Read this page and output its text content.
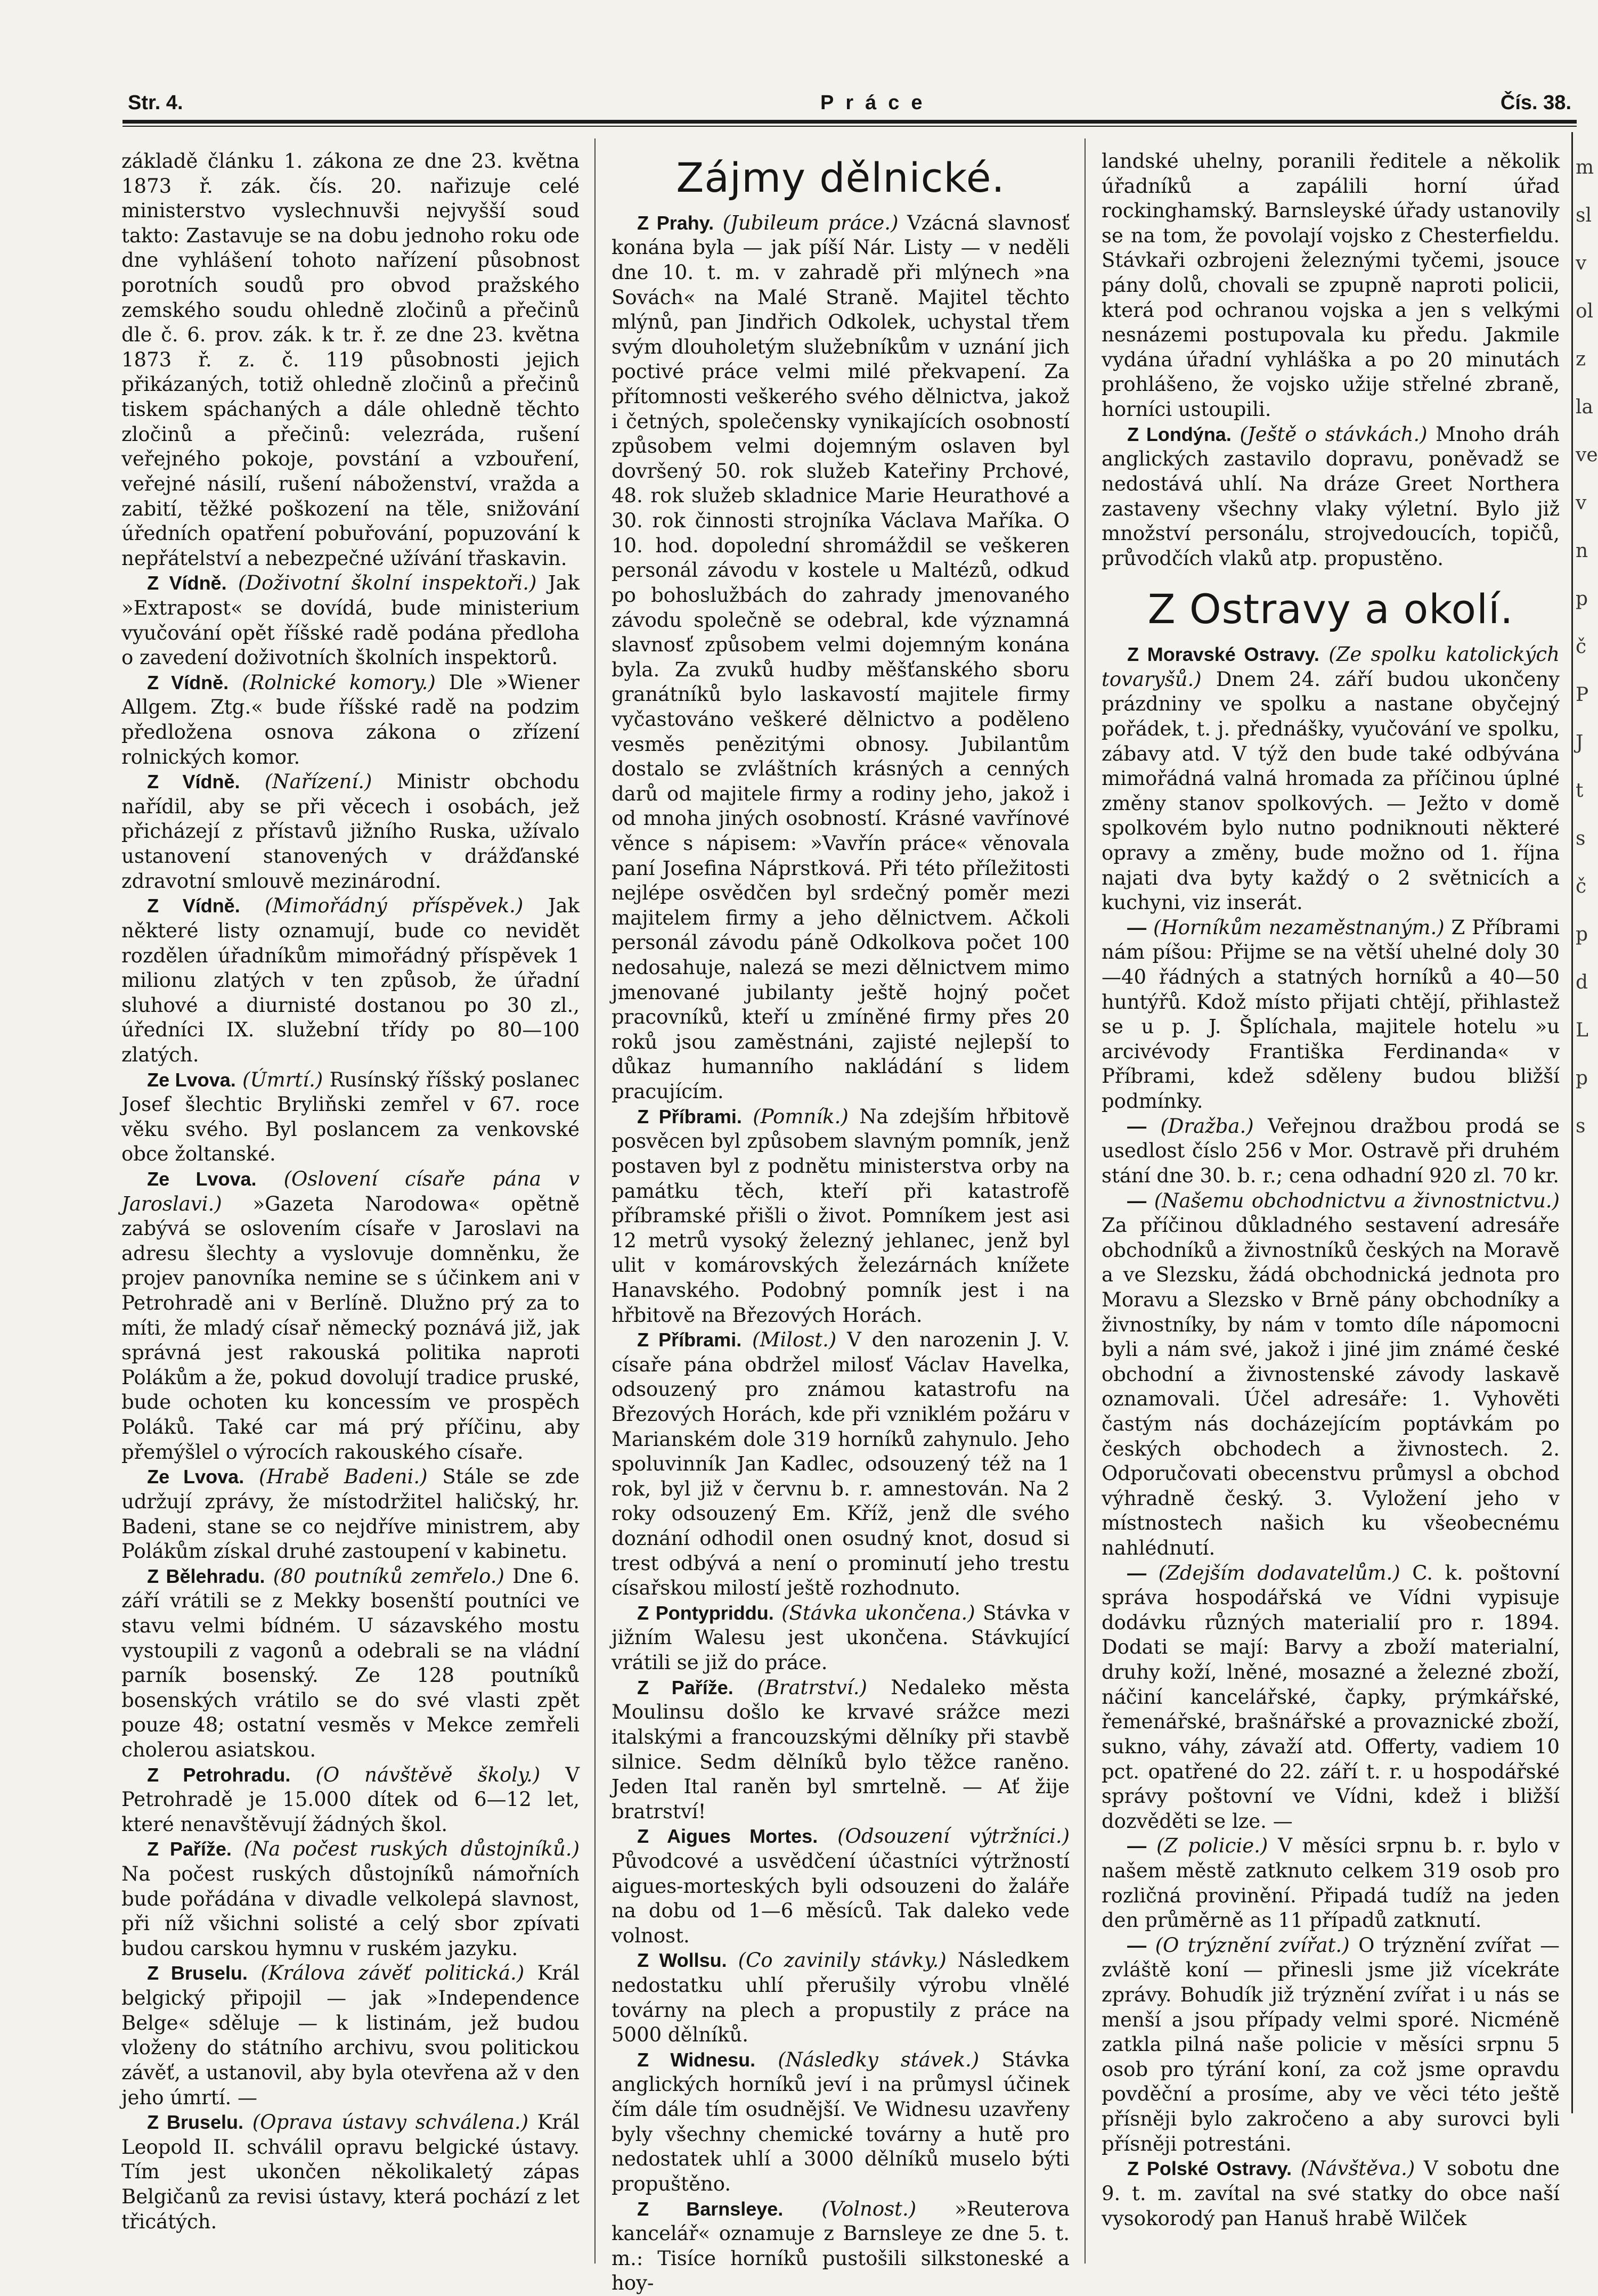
Str. 4.	Práce	Čís. 38.

základě článku 1. zákona ze dne 23. května 1873 ř. zák. čís. 20. nařizuje celé ministerstvo vyslechnuvši nejvyšší soud takto: Zastavuje se na dobu jednoho roku ode dne vyhlášení tohoto nařízení působnost porotních soudů pro obvod pražského zemského soudu ohledně zločinů a přečinů dle č. 6. prov. zák. k tr. ř. ze dne 23. května 1873 ř. z. č. 119 působnosti jejich přikázaných, totiž ohledně zločinů a přečinů tiskem spáchaných a dále ohledně těchto zločinů a přečinů: velezráda, rušení veřejného pokoje, povstání a vzbouření, veřejné násilí, rušení náboženství, vražda a zabití, těžké poškození na těle, snižování úředních opatření pobuřování, popuzování k nepřátelství a nebezpečné užívání třaskavin.

Z Vídně. (Doživotní školní inspektoři.) Jak »Extrapost« se dovídá, bude ministerium vyučování opět říšské radě podána předloha o zavedení doživotních školních inspektorů.

Z Vídně. (Rolnické komory.) Dle »Wiener Allgem. Ztg.« bude říšské radě na podzim předložena osnova zákona o zřízení rolnických komor.

Z Vídně. (Nařízení.) Ministr obchodu nařídil, aby se při věcech i osobách, jež přicházejí z přístavů jižního Ruska, užívalo ustanovení stanovených v drážďanské zdravotní smlouvě mezinárodní.

Z Vídně. (Mimořádný příspěvek.) Jak některé listy oznamují, bude co nevidět rozdělen úřadníkům mimořádný příspěvek 1 milionu zlatých v ten způsob, že úřadní sluhové a diurnisté dostanou po 30 zl., úředníci IX. služební třídy po 80—100 zlatých.

Ze Lvova. (Úmrtí.) Rusínský říšský poslanec Josef šlechtic Bryliňski zemřel v 67. roce věku svého. Byl poslancem za venkovské obce žoltanské.

Ze Lvova. (Oslovení císaře pána v Jaroslavi.) »Gazeta Narodowa« opětně zabývá se oslovením císaře v Jaroslavi na adresu šlechty a vyslovuje domněnku, že projev panovníka nemine se s účinkem ani v Petrohradě ani v Berlíně. Dlužno prý za to míti, že mladý císař německý poznává již, jak správná jest rakouská politika naproti Polákům a že, pokud dovolují tradice pruské, bude ochoten ku koncessím ve prospěch Poláků. Také car má prý příčinu, aby přemýšlel o výrocích rakouského císaře.

Ze Lvova. (Hrabě Badeni.) Stále se zde udržují zprávy, že místodržitel haličský, hr. Badeni, stane se co nejdříve ministrem, aby Polákům získal druhé zastoupení v kabinetu.

Z Bělehradu. (80 poutníků zemřelo.) Dne 6. září vrátili se z Mekky bosenští poutníci ve stavu velmi bídném. U sázavského mostu vystoupili z vagonů a odebrali se na vládní parník bosenský. Ze 128 poutníků bosenských vrátilo se do své vlasti zpět pouze 48; ostatní vesměs v Mekce zemřeli cholerou asiatskou.

Z Petrohradu. (O návštěvě školy.) V Petrohradě je 15.000 dítek od 6—12 let, které nenavštěvují žádných škol.

Z Paříže. (Na počest ruských důstojníků.) Na počest ruských důstojníků námořních bude pořádána v divadle velkolepá slavnost, při níž všichni solisté a celý sbor zpívati budou carskou hymnu v ruském jazyku.

Z Bruselu. (Králova závěť politická.) Král belgický připojil — jak »Independence Belge« sděluje — k listinám, jež budou vloženy do státního archivu, svou politickou závěť, a ustanovil, aby byla otevřena až v den jeho úmrtí. —

Z Bruselu. (Oprava ústavy schválena.) Král Leopold II. schválil opravu belgické ústavy. Tím jest ukončen několikaletý zápas Belgičanů za revisi ústavy, která pochází z let třicátých.

Zájmy dělnické.

Z Prahy. (Jubileum práce.) Vzácná slavnosť konána byla — jak píší Nár. Listy — v neděli dne 10. t. m. v zahradě při mlýnech »na Sovách« na Malé Straně. Majitel těchto mlýnů, pan Jindřich Odkolek, uchystal třem svým dlouholetým služebníkům v uznání jich poctivé práce velmi milé překvapení. Za přítomnosti veškerého svého dělnictva, jakož i četných, společensky vynikajících osobností způsobem velmi dojemným oslaven byl dovršený 50. rok služeb Kateřiny Prchové, 48. rok služeb skladnice Marie Heurathové a 30. rok činnosti strojníka Václava Maříka. O 10. hod. dopolední shromáždil se veškeren personál závodu v kostele u Maltézů, odkud po bohoslužbách do zahrady jmenovaného závodu společně se odebral, kde významná slavnosť způsobem velmi dojemným konána byla. Za zvuků hudby měšťanského sboru granátníků bylo laskavostí majitele firmy vyčastováno veškeré dělnictvo a poděleno vesměs penězitými obnosy. Jubilantům dostalo se zvláštních krásných a cenných darů od majitele firmy a rodiny jeho, jakož i od mnoha jiných osobností. Krásné vavřínové věnce s nápisem: »Vavřín práce« věnovala paní Josefina Náprstková. Při této příležitosti nejlépe osvědčen byl srdečný poměr mezi majitelem firmy a jeho dělnictvem. Ačkoli personál závodu páně Odkolkova počet 100 nedosahuje, nalezá se mezi dělnictvem mimo jmenované jubilanty ještě hojný počet pracovníků, kteří u zmíněné firmy přes 20 roků jsou zaměstnáni, zajisté nejlepší to důkaz humanního nakládání s lidem pracujícím.

Z Příbrami. (Pomník.) Na zdejším hřbitově posvěcen byl způsobem slavným pomník, jenž postaven byl z podnětu ministerstva orby na památku těch, kteří při katastrofě příbramské přišli o život. Pomníkem jest asi 12 metrů vysoký železný jehlanec, jenž byl ulit v komárovských železárnách knížete Hanavského. Podobný pomník jest i na hřbitově na Březových Horách.

Z Příbrami. (Milost.) V den narozenin J. V. císaře pána obdržel milosť Václav Havelka, odsouzený pro známou katastrofu na Březových Horách, kde při vzniklém požáru v Marianském dole 319 horníků zahynulo. Jeho spoluvinník Jan Kadlec, odsouzený též na 1 rok, byl již v červnu b. r. amnestován. Na 2 roky odsouzený Em. Kříž, jenž dle svého doznání odhodil onen osudný knot, dosud si trest odbývá a není o prominutí jeho trestu císařskou milostí ještě rozhodnuto.

Z Pontypriddu. (Stávka ukončena.) Stávka v jižním Walesu jest ukončena. Stávkující vrátili se již do práce.

Z Paříže. (Bratrství.) Nedaleko města Moulinsu došlo ke krvavé srážce mezi italskými a francouzskými dělníky při stavbě silnice. Sedm dělníků bylo těžce raněno. Jeden Ital raněn byl smrtelně. — Ať žije bratrství!

Z Aigues Mortes. (Odsouzení výtržníci.) Původcové a usvědčení účastníci výtržností aigues-morteských byli odsouzeni do žaláře na dobu od 1—6 měsíců. Tak daleko vede volnost.

Z Wollsu. (Co zavinily stávky.) Následkem nedostatku uhlí přerušily výrobu vlnělé továrny na plech a propustily z práce na 5000 dělníků.

Z Widnesu. (Následky stávek.) Stávka anglických horníků jeví i na průmysl účinek čím dále tím osudnější. Ve Widnesu uzavřeny byly všechny chemické továrny a hutě pro nedostatek uhlí a 3000 dělníků muselo býti propuštěno.

Z Barnsleye. (Volnost.) »Reuterova kancelář« oznamuje z Barnsleye ze dne 5. t. m.: Tisíce horníků pustošili silkstoneské a hoy-

landské uhelny, poranili ředitele a několik úřadníků a zapálili horní úřad rockinghamský. Barnsleyské úřady ustanovily se na tom, že povolají vojsko z Chesterfieldu. Stávkaři ozbrojeni železnými tyčemi, jsouce pány dolů, chovali se zpupně naproti policii, která pod ochranou vojska a jen s velkými nesnázemi postupovala ku předu. Jakmile vydána úřadní vyhláška a po 20 minutách prohlášeno, že vojsko užije střelné zbraně, horníci ustoupili.

Z Londýna. (Ještě o stávkách.) Mnoho dráh anglických zastavilo dopravu, poněvadž se nedostává uhlí. Na dráze Greet Northera zastaveny všechny vlaky výletní. Bylo již množství personálu, strojvedoucích, topičů, průvodčích vlaků atp. propustěno.

Z Ostravy a okolí.

Z Moravské Ostravy. (Ze spolku katolických tovaryšů.) Dnem 24. září budou ukončeny prázdniny ve spolku a nastane obyčejný pořádek, t. j. přednášky, vyučování ve spolku, zábavy atd. V týž den bude také odbývána mimořádná valná hromada za příčinou úplné změny stanov spolkových. — Ježto v domě spolkovém bylo nutno podniknouti některé opravy a změny, bude možno od 1. října najati dva byty každý o 2 světnicích a kuchyni, viz inserát.

— (Horníkům nezaměstnaným.) Z Příbrami nám píšou: Přijme se na větší uhelné doly 30—40 řádných a statných horníků a 40—50 huntýřů. Kdož místo přijati chtějí, přihlastež se u p. J. Šplíchala, majitele hotelu »u arcivévody Františka Ferdinanda« v Příbrami, kdež sděleny budou bližší podmínky.

— (Dražba.) Veřejnou dražbou prodá se usedlost číslo 256 v Mor. Ostravě při druhém stání dne 30. b. r.; cena odhadní 920 zl. 70 kr.

— (Našemu obchodnictvu a živnostnictvu.) Za příčinou důkladného sestavení adresáře obchodníků a živnostníků českých na Moravě a ve Slezsku, žádá obchodnická jednota pro Moravu a Slezsko v Brně pány obchodníky a živnostníky, by nám v tomto díle nápomocni byli a nám své, jakož i jiné jim známé české obchodní a živnostenské závody laskavě oznamovali. Účel adresáře: 1. Vyhověti častým nás docházejícím poptávkám po českých obchodech a živnostech. 2. Odporučovati obecenstvu průmysl a obchod výhradně český. 3. Vyložení jeho v místnostech našich ku všeobecnému nahlédnutí.

— (Zdejším dodavatelům.) C. k. poštovní správa hospodářská ve Vídni vypisuje dodávku různých materialií pro r. 1894. Dodati se mají: Barvy a zboží materialní, druhy koží, lněné, mosazné a železné zboží, náčiní kancelářské, čapky, prýmkářské, řemenářské, brašnářské a provaznické zboží, sukno, váhy, závaží atd. Offerty, vadiem 10 pct. opatřené do 22. září t. r. u hospodářské správy poštovní ve Vídni, kdež i bližší dozvěděti se lze. —

— (Z policie.) V měsíci srpnu b. r. bylo v našem městě zatknuto celkem 319 osob pro rozličná provinění. Připadá tudíž na jeden den průměrně as 11 případů zatknutí.

— (O trýznění zvířat.) O trýznění zvířat — zvláště koní — přinesli jsme již vícekráte zprávy. Bohudík již trýznění zvířat i u nás se menší a jsou případy velmi sporé. Nicméně zatkla pilná naše policie v měsíci srpnu 5 osob pro týrání koní, za což jsme opravdu povděční a prosíme, aby ve věci této ještě přísněji bylo zakročeno a aby surovci byli přísněji potrestáni.

Z Polské Ostravy. (Návštěva.) V sobotu dne 9. t. m. zavítal na své statky do obce naší vysokorodý pan Hanuš hrabě Wilček

m
sl
v
ol
z
la
ve
v
n
p
č
P
J
t
s
č
p
d
L
p
s
